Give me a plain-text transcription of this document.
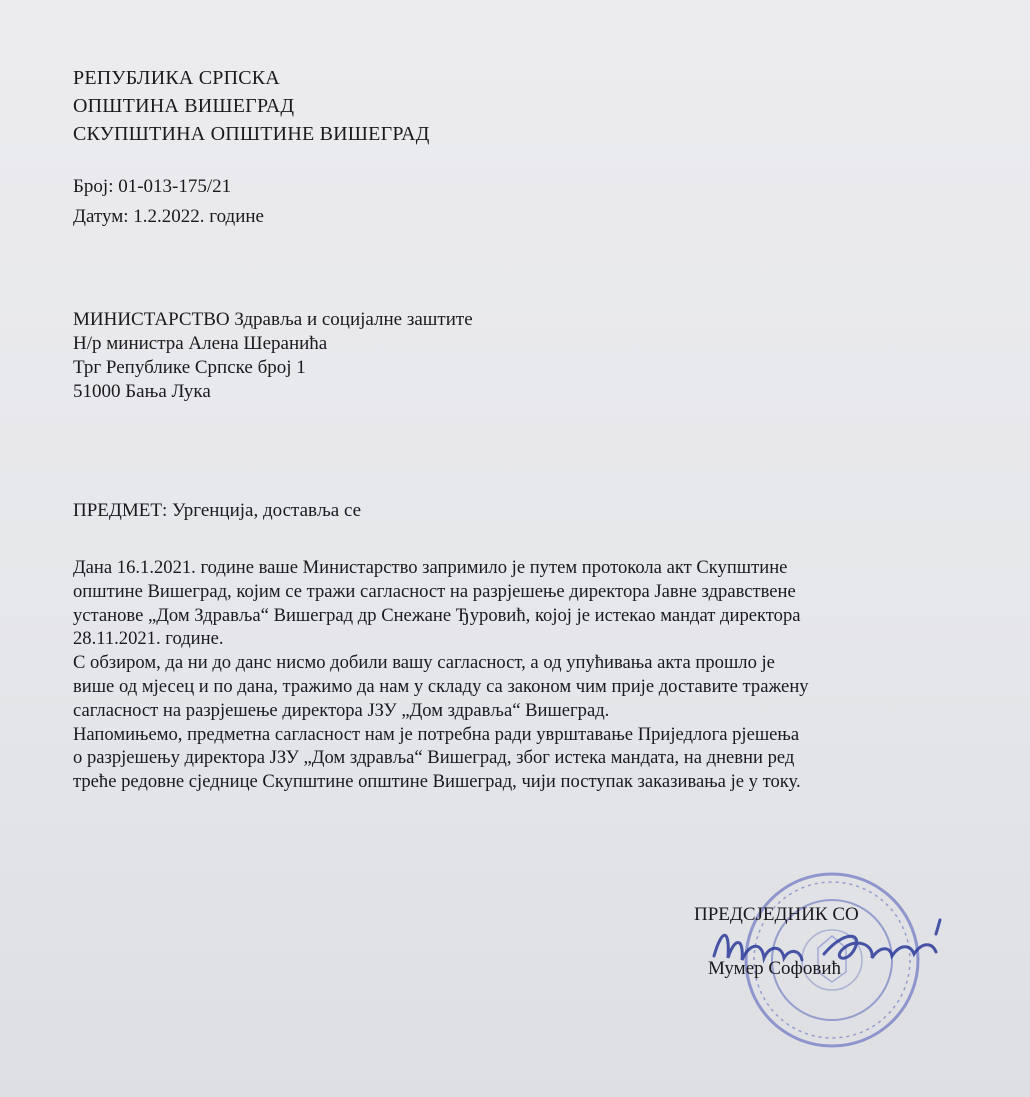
РЕПУБЛИКА СРПСКА
ОПШТИНА ВИШЕГРАД
СКУПШТИНА ОПШТИНЕ ВИШЕГРАД
Број: 01-013-175/21
Датум: 1.2.2022. године
МИНИСТАРСТВО Здравља и социјалне заштите
Н/р министра Алена Шеранића
Трг Републике Српске број 1
51000 Бања Лука
ПРЕДМЕТ: Ургенција, доставља се
Дана 16.1.2021. године ваше Министарство запримило је путем протокола акт Скупштине
општине Вишеград, којим се тражи сагласност на разрјешење директора Јавне здравствене
установе „Дом Здравља“ Вишеград др Снежане Ђуровић, којој је истекао мандат директора
28.11.2021. године.
С обзиром, да ни до данс нисмо добили вашу сагласност, а од упућивања акта прошло је
више од мјесец и по дана, тражимо да нам у складу са законом чим прије доставите тражену
сагласност на разрјешење директора ЈЗУ „Дом здравља“ Вишеград.
Напомињемо, предметна сагласност нам је потребна ради уврштавање Приједлога рјешења
о разрјешењу директора ЈЗУ „Дом здравља“ Вишеград, због истека мандата, на дневни ред
треће редовне сједнице Скупштине општине Вишеград, чији поступак заказивања је у току.
ПРЕДСЈЕДНИК СО
Мумер Софовић
